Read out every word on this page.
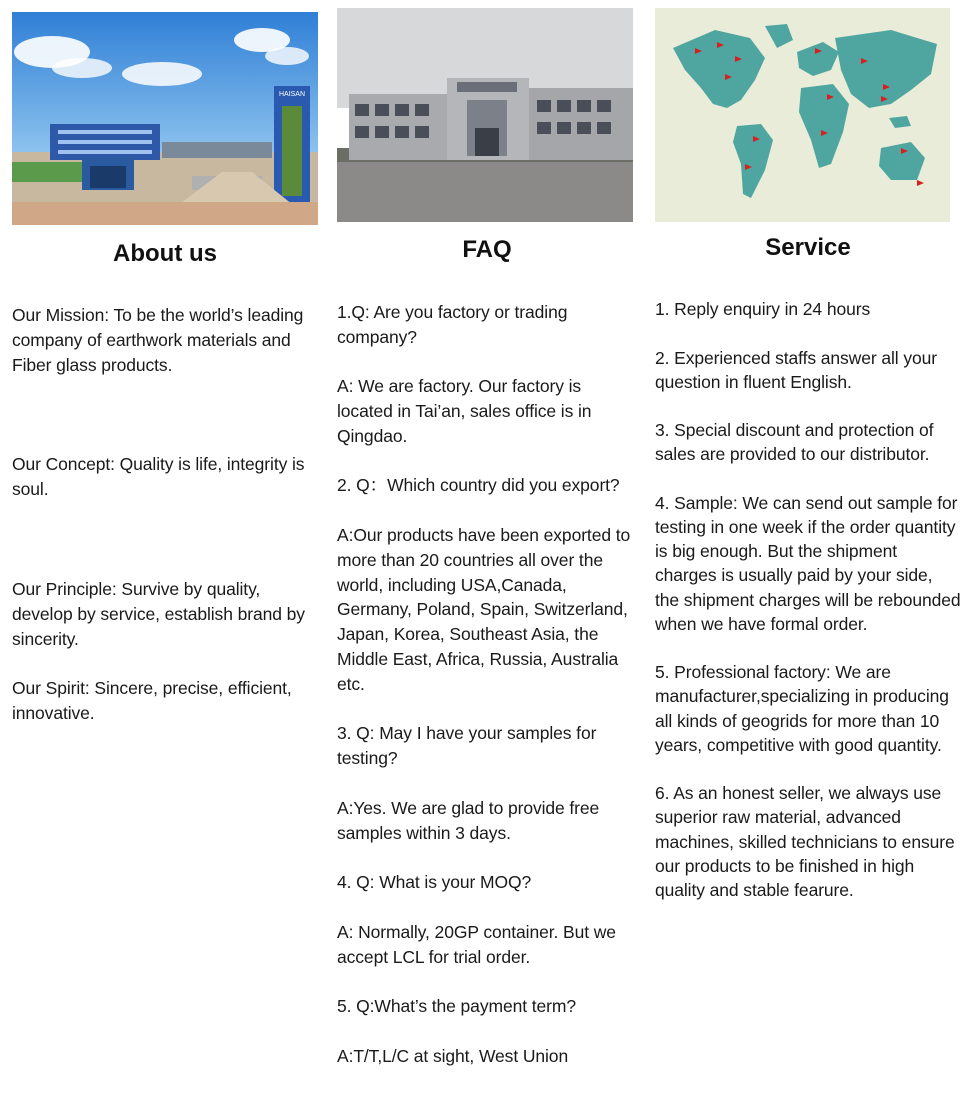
HAISAN
About us

Our Mission: To be the world’s leading company of earthwork materials and Fiber glass products.

Our Concept: Quality is life, integrity is soul.

Our Principle: Survive by quality, develop by service, establish brand by sincerity.

Our Spirit: Sincere, precise, efficient, innovative.

FAQ

1.Q: Are you factory or trading company?

A: We are factory. Our factory is located in Tai’an, sales office is in Qingdao.

2. Q：Which country did you export?

A:Our products have been exported to more than 20 countries all over the world, including USA,Canada, Germany, Poland, Spain, Switzerland, Japan, Korea, Southeast Asia, the Middle East, Africa, Russia, Australia etc.

3. Q: May I have your samples for testing?

A:Yes. We are glad to provide free samples within 3 days.

4. Q: What is your MOQ?

A: Normally, 20GP container. But we accept LCL for trial order.

5. Q:What’s the payment term?

A:T/T,L/C at sight, West Union

Service

1. Reply enquiry in 24 hours

2. Experienced staffs answer all your question in fluent English.

3. Special discount and protection of sales are provided to our distributor.

4. Sample: We can send out sample for testing in one week if the order quantity is big enough. But the shipment charges is usually paid by your side, the shipment charges will be rebounded when we have formal order.

5. Professional factory: We are manufacturer,specializing in producing all kinds of geogrids for more than 10 years, competitive with good quantity.

6. As an honest seller, we always use superior raw material, advanced machines, skilled technicians to ensure our products to be finished in high quality and stable fearure.
